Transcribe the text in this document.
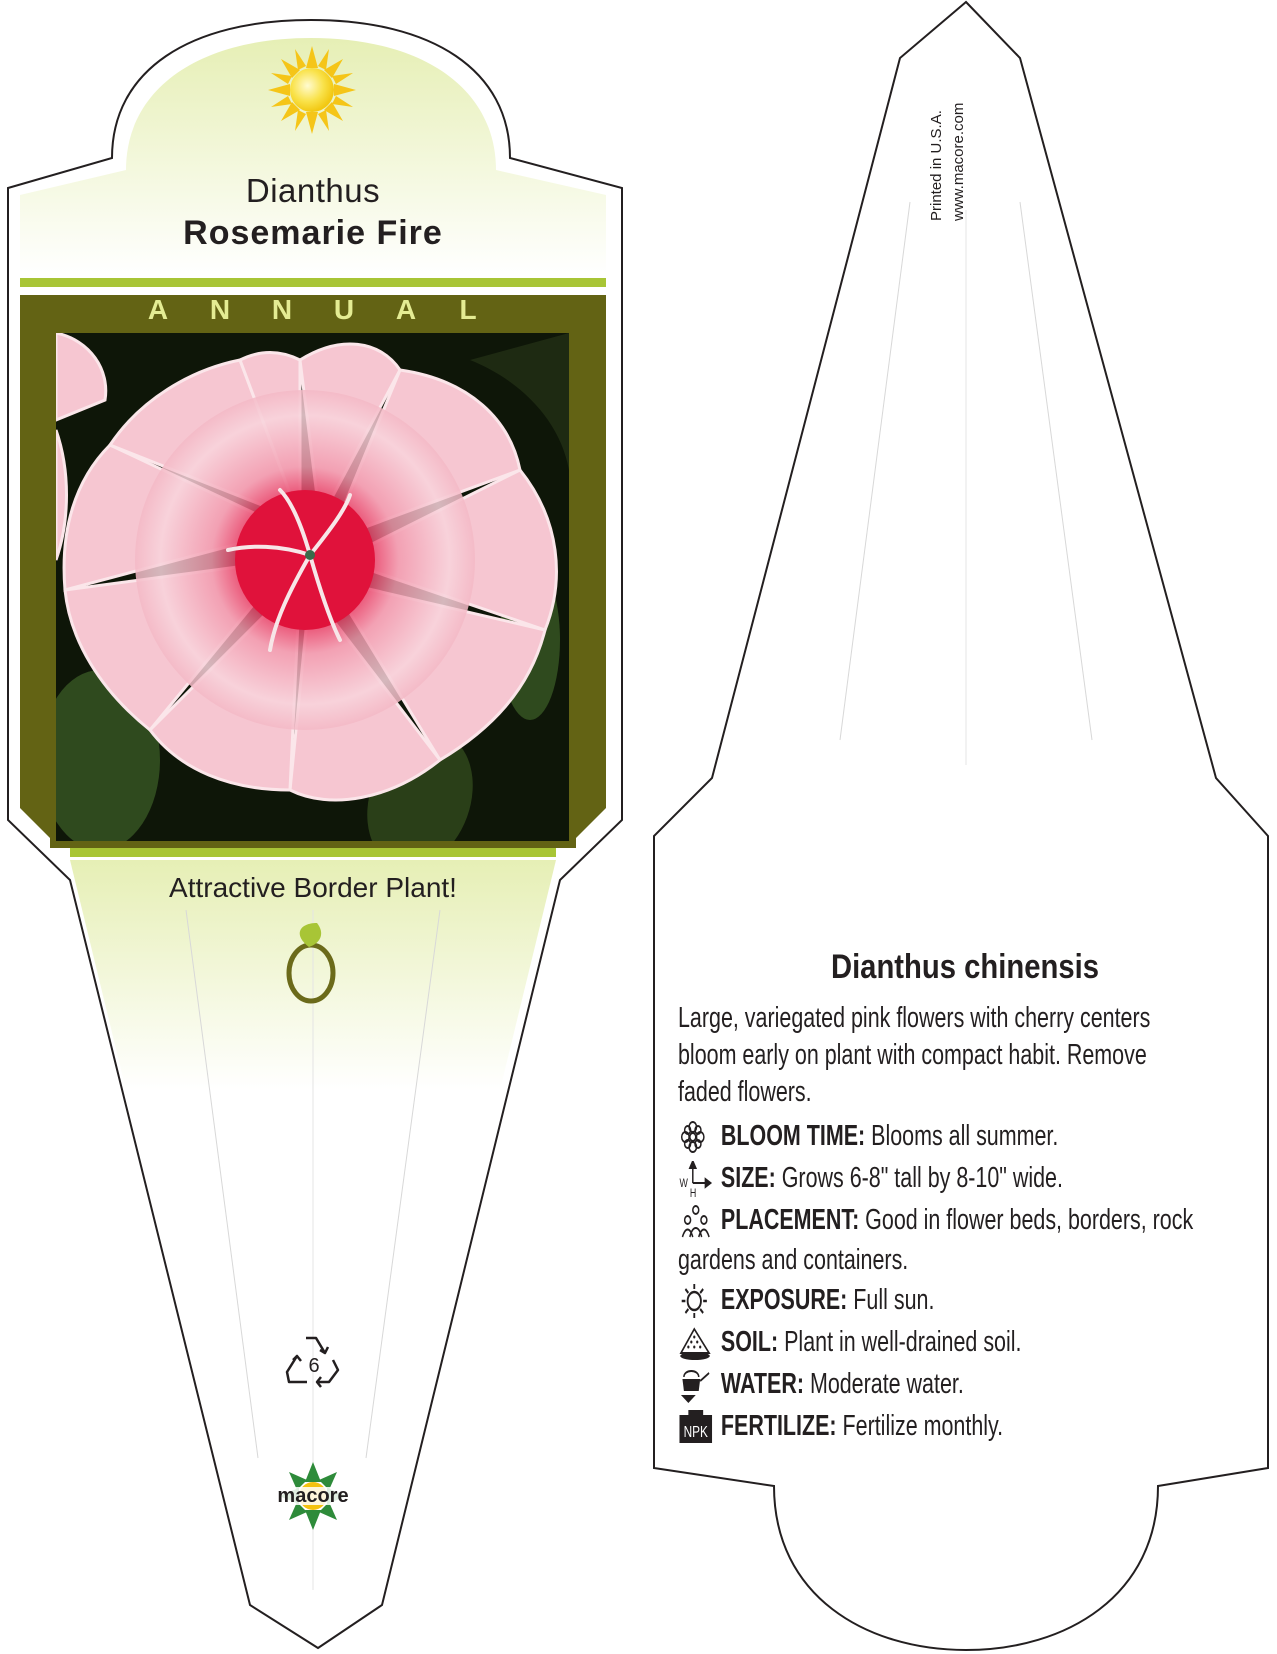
Dianthus
Rosemarie Fire
A	N	N	U	A	L
Attractive Border Plant!
6
macore
Printed in U.S.A. www.macore.com
Dianthus chinensis
Large, variegated pink flowers with cherry centers
bloom early on plant with compact habit. Remove
faded flowers.
BLOOM TIME: Blooms all summer.
W
H SIZE: Grows 6-8" tall by 8-10" wide.
PLACEMENT: Good in flower beds, borders, rock
gardens and containers.
EXPOSURE: Full sun.
SOIL: Plant in well-drained soil.
WATER: Moderate water.
NPK FERTILIZE: Fertilize monthly.
